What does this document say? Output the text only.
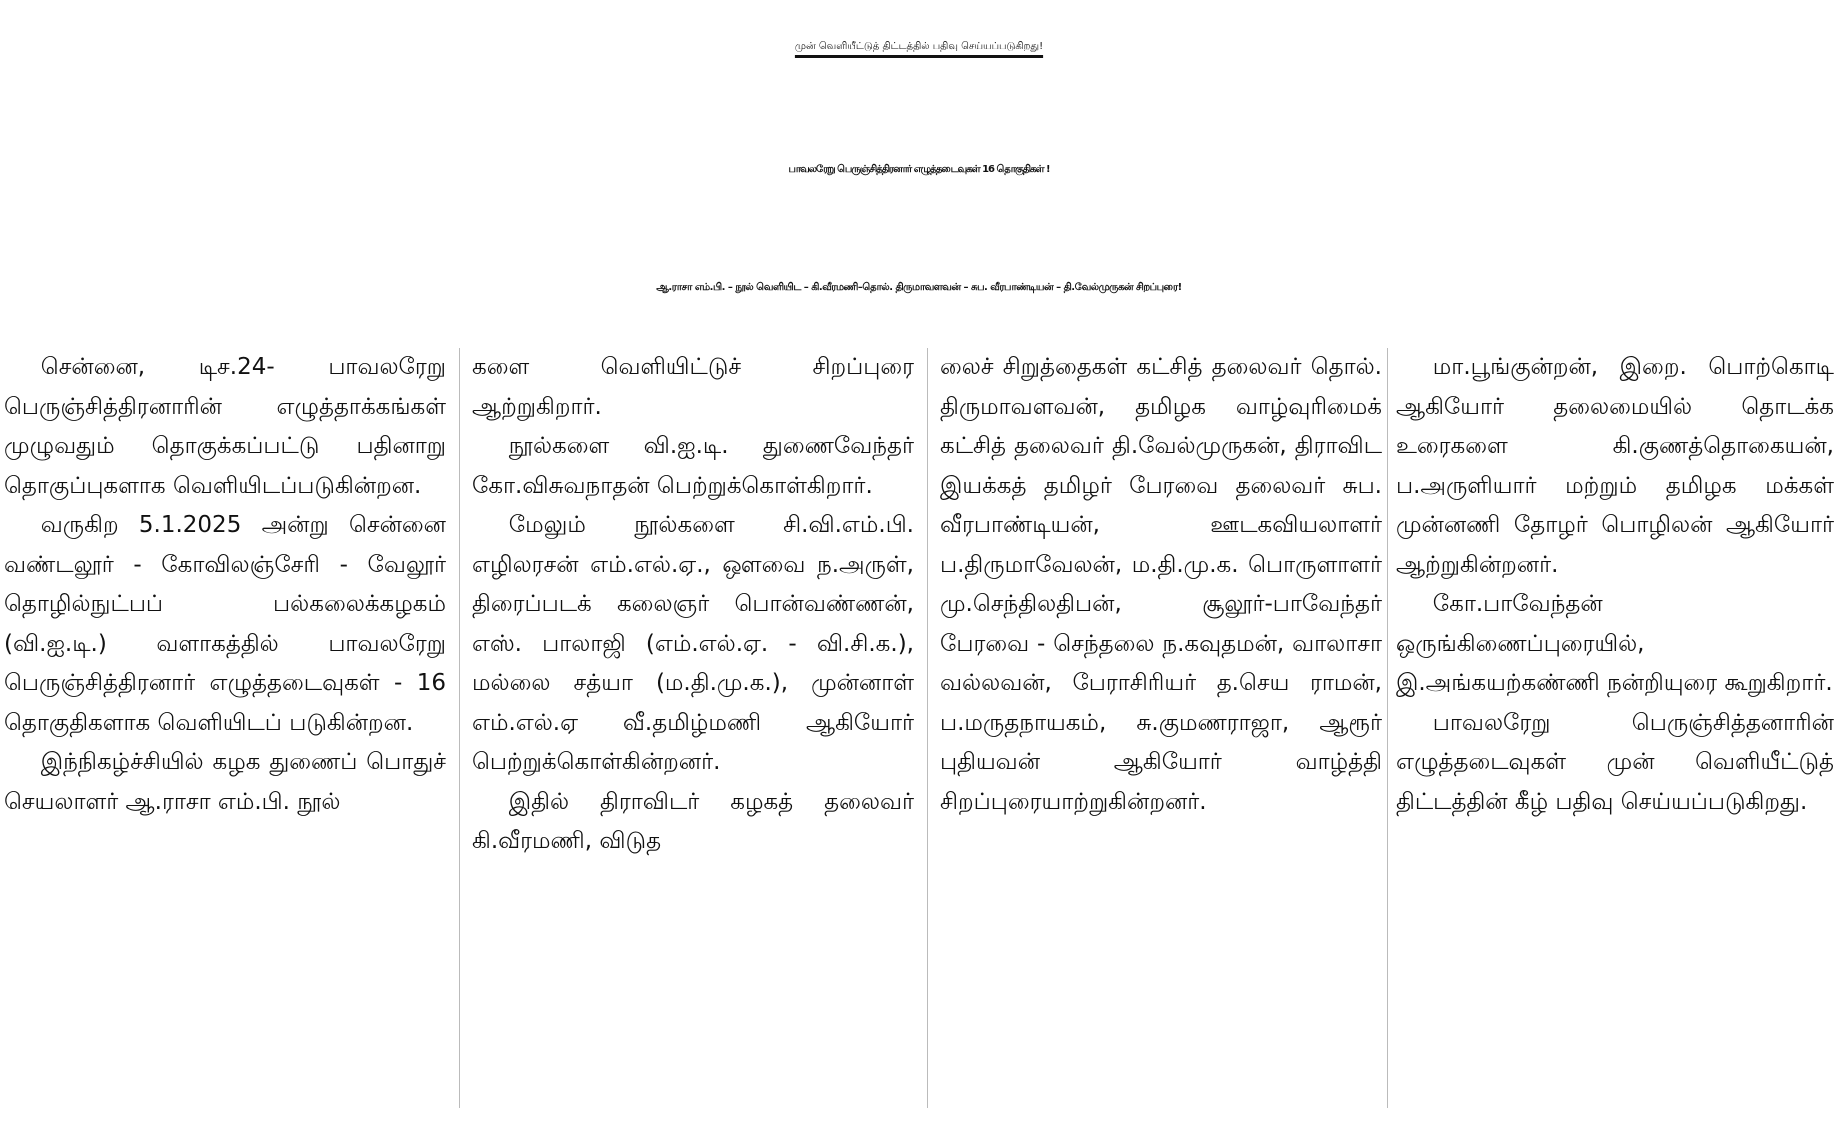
முன் வெளியீட்டுத் திட்டத்தில் பதிவு செய்யப்படுகிறது!
பாவலரேறு பெருஞ்சித்திரனார் எழுத்தடைவுகள் 16 தொகுதிகள் !
ஆ.ராசா எம்.பி. – நூல் வெளியிட – கி.வீரமணி–தொல். திருமாவளவன் – சுப. வீரபாண்டியன் – தி.வேல்முருகன் சிறப்புரை!

சென்னை, டிச.24- பாவலரேறு பெருஞ்சித்திரனாரின் எழுத்தாக்கங்கள் முழுவதும் தொகுக்கப்பட்டு பதினாறு தொகுப்புகளாக வெளியிடப்படுகின்றன.

வருகிற 5.1.2025 அன்று சென்னை வண்டலூர் - கோவிலஞ்சேரி - வேலூர் தொழில்நுட்பப் பல்கலைக்கழகம் (வி.ஐ.டி.) வளாகத்தில் பாவலரேறு பெருஞ்சித்திரனார் எழுத்தடைவுகள் - 16 தொகுதிகளாக வெளியிடப் படுகின்றன.

இந்நிகழ்ச்சியில் கழக துணைப் பொதுச் செயலாளர் ஆ.ராசா எம்.பி. நூல்

களை வெளியிட்டுச் சிறப்புரை ஆற்றுகிறார்.

நூல்களை வி.ஐ.டி. துணைவேந்தர் கோ.விசுவநாதன் பெற்றுக்கொள்கிறார்.

மேலும் நூல்களை சி.வி.எம்.பி. எழிலரசன் எம்.எல்.ஏ., ஔவை ந.அருள், திரைப்படக் கலைஞர் பொன்வண்ணன், எஸ். பாலாஜி (எம்.எல்.ஏ. - வி.சி.க.), மல்லை சத்யா (ம.தி.மு.க.), முன்னாள் எம்.எல்.ஏ வீ.தமிழ்மணி ஆகியோர் பெற்றுக்கொள்கின்றனர்.

இதில் திராவிடர் கழகத் தலைவர் கி.வீரமணி, விடுத

லைச் சிறுத்தைகள் கட்சித் தலைவர் தொல். திருமாவளவன், தமிழக வாழ்வுரிமைக் கட்சித் தலைவர் தி.வேல்முருகன், திராவிட இயக்கத் தமிழர் பேரவை தலைவர் சுப. வீரபாண்டியன், ஊடகவியலாளர் ப.திருமாவேலன், ம.தி.மு.க. பொருளாளர் மு.செந்திலதிபன், சூலூர்-பாவேந்தர் பேரவை - செந்தலை ந.கவுதமன், வாலாசா வல்லவன், பேராசிரியர் த.செய ராமன், ப.மருதநாயகம், சு.குமணராஜா, ஆரூர் புதியவன் ஆகியோர் வாழ்த்தி சிறப்புரையாற்றுகின்றனர்.

மா.பூங்குன்றன், இறை. பொற்கொடி ஆகியோர் தலைமையில் தொடக்க உரைகளை கி.குணத்தொகையன், ப.அருளியார் மற்றும் தமிழக மக்கள் முன்னணி தோழர் பொழிலன் ஆகியோர் ஆற்றுகின்றனர்.

கோ.பாவேந்தன் ஒருங்கிணைப்புரையில், இ.அங்கயற்கண்ணி நன்றியுரை கூறுகிறார்.

பாவலரேறு பெருஞ்சித்தனாரின் எழுத்தடைவுகள் முன் வெளியீட்டுத் திட்டத்தின் கீழ் பதிவு செய்யப்படுகிறது.
